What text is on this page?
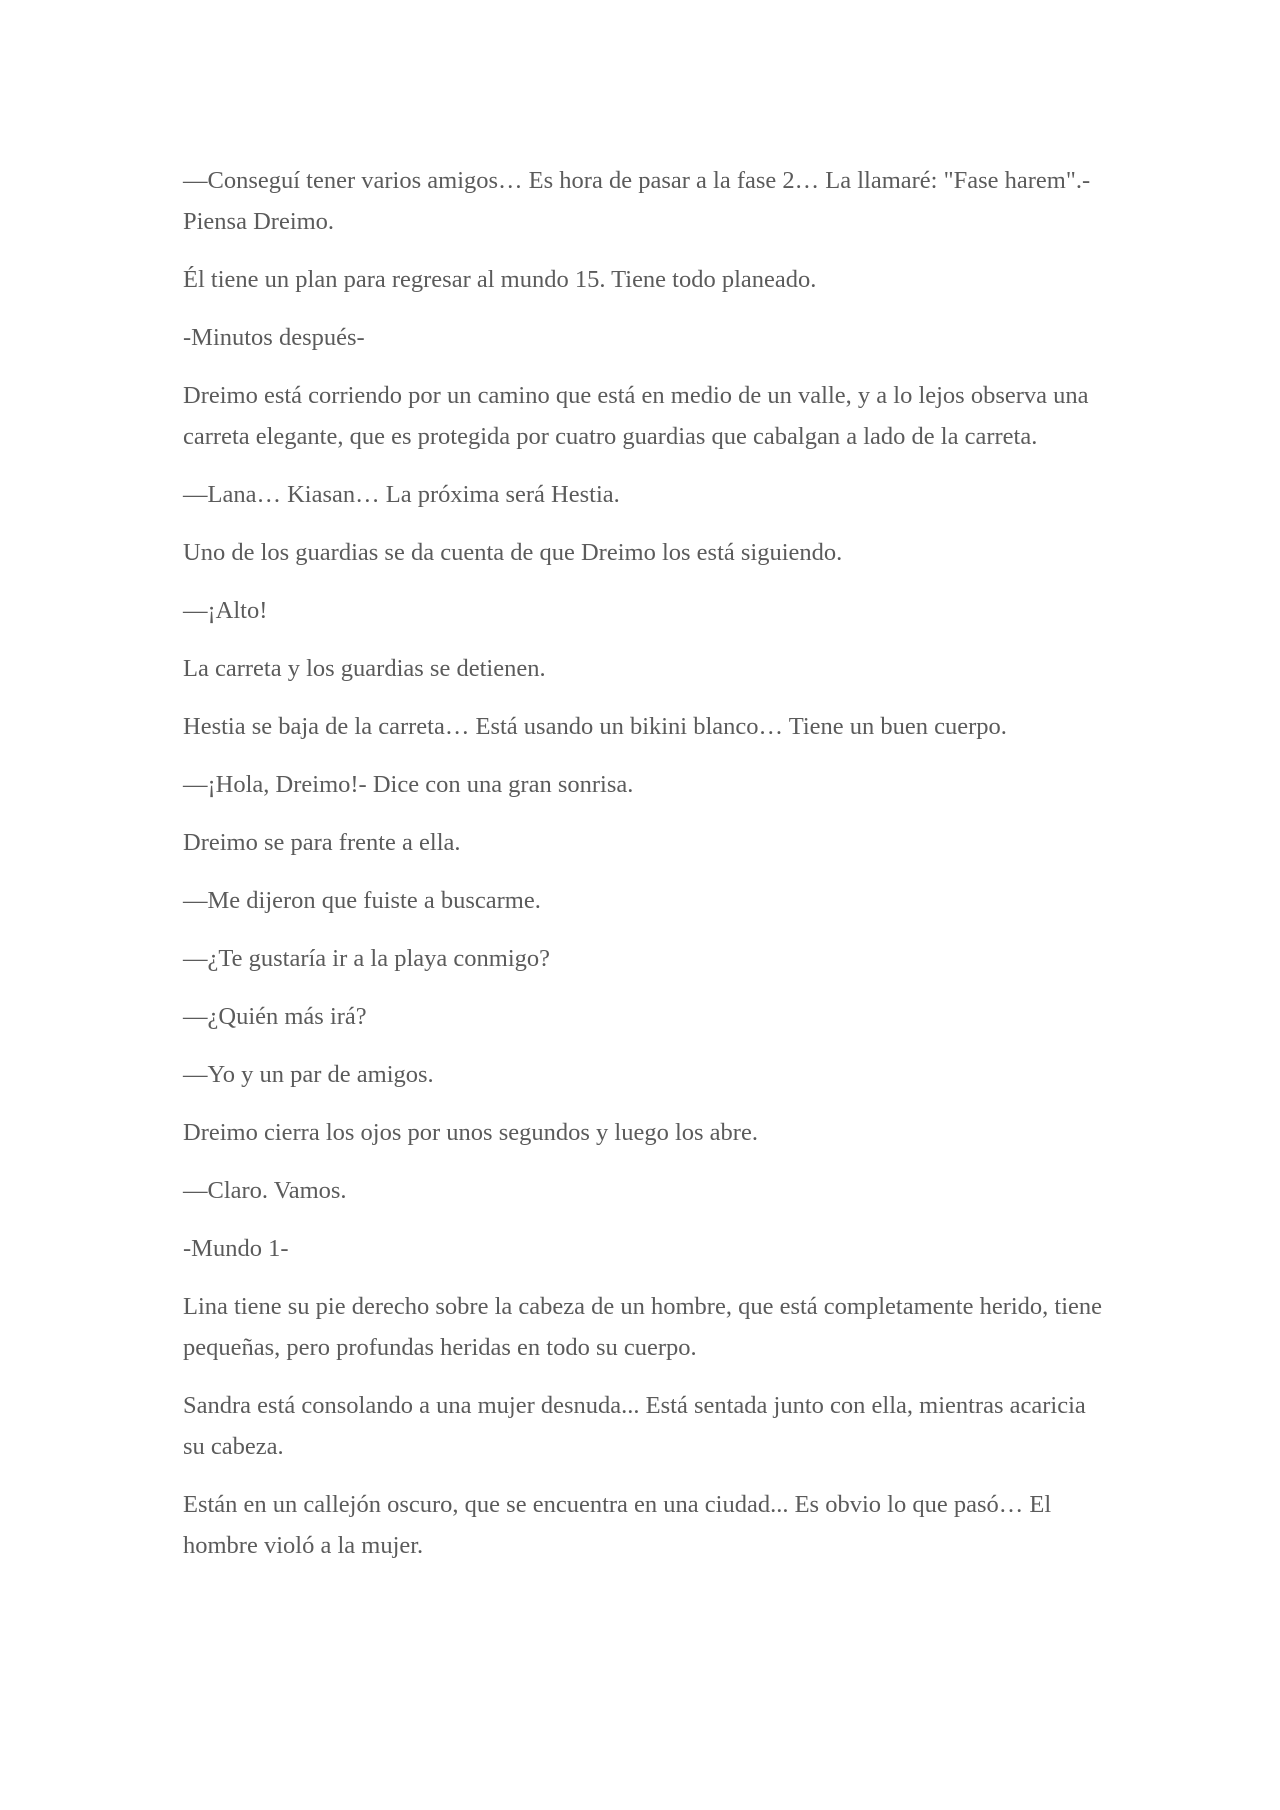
—Conseguí tener varios amigos… Es hora de pasar a la fase 2… La llamaré: "Fase harem".- Piensa Dreimo.

Él tiene un plan para regresar al mundo 15. Tiene todo planeado.

-Minutos después-

Dreimo está corriendo por un camino que está en medio de un valle, y a lo lejos observa una carreta elegante, que es protegida por cuatro guardias que cabalgan a lado de la carreta.

—Lana… Kiasan… La próxima será Hestia.

Uno de los guardias se da cuenta de que Dreimo los está siguiendo.

—¡Alto!

La carreta y los guardias se detienen.

Hestia se baja de la carreta… Está usando un bikini blanco… Tiene un buen cuerpo.

—¡Hola, Dreimo!- Dice con una gran sonrisa.

Dreimo se para frente a ella.

—Me dijeron que fuiste a buscarme.

—¿Te gustaría ir a la playa conmigo?

—¿Quién más irá?

—Yo y un par de amigos.

Dreimo cierra los ojos por unos segundos y luego los abre.

—Claro. Vamos.

-Mundo 1-

Lina tiene su pie derecho sobre la cabeza de un hombre, que está completamente herido, tiene pequeñas, pero profundas heridas en todo su cuerpo.

Sandra está consolando a una mujer desnuda... Está sentada junto con ella, mientras acaricia su cabeza.

Están en un callejón oscuro, que se encuentra en una ciudad... Es obvio lo que pasó… El hombre violó a la mujer.
